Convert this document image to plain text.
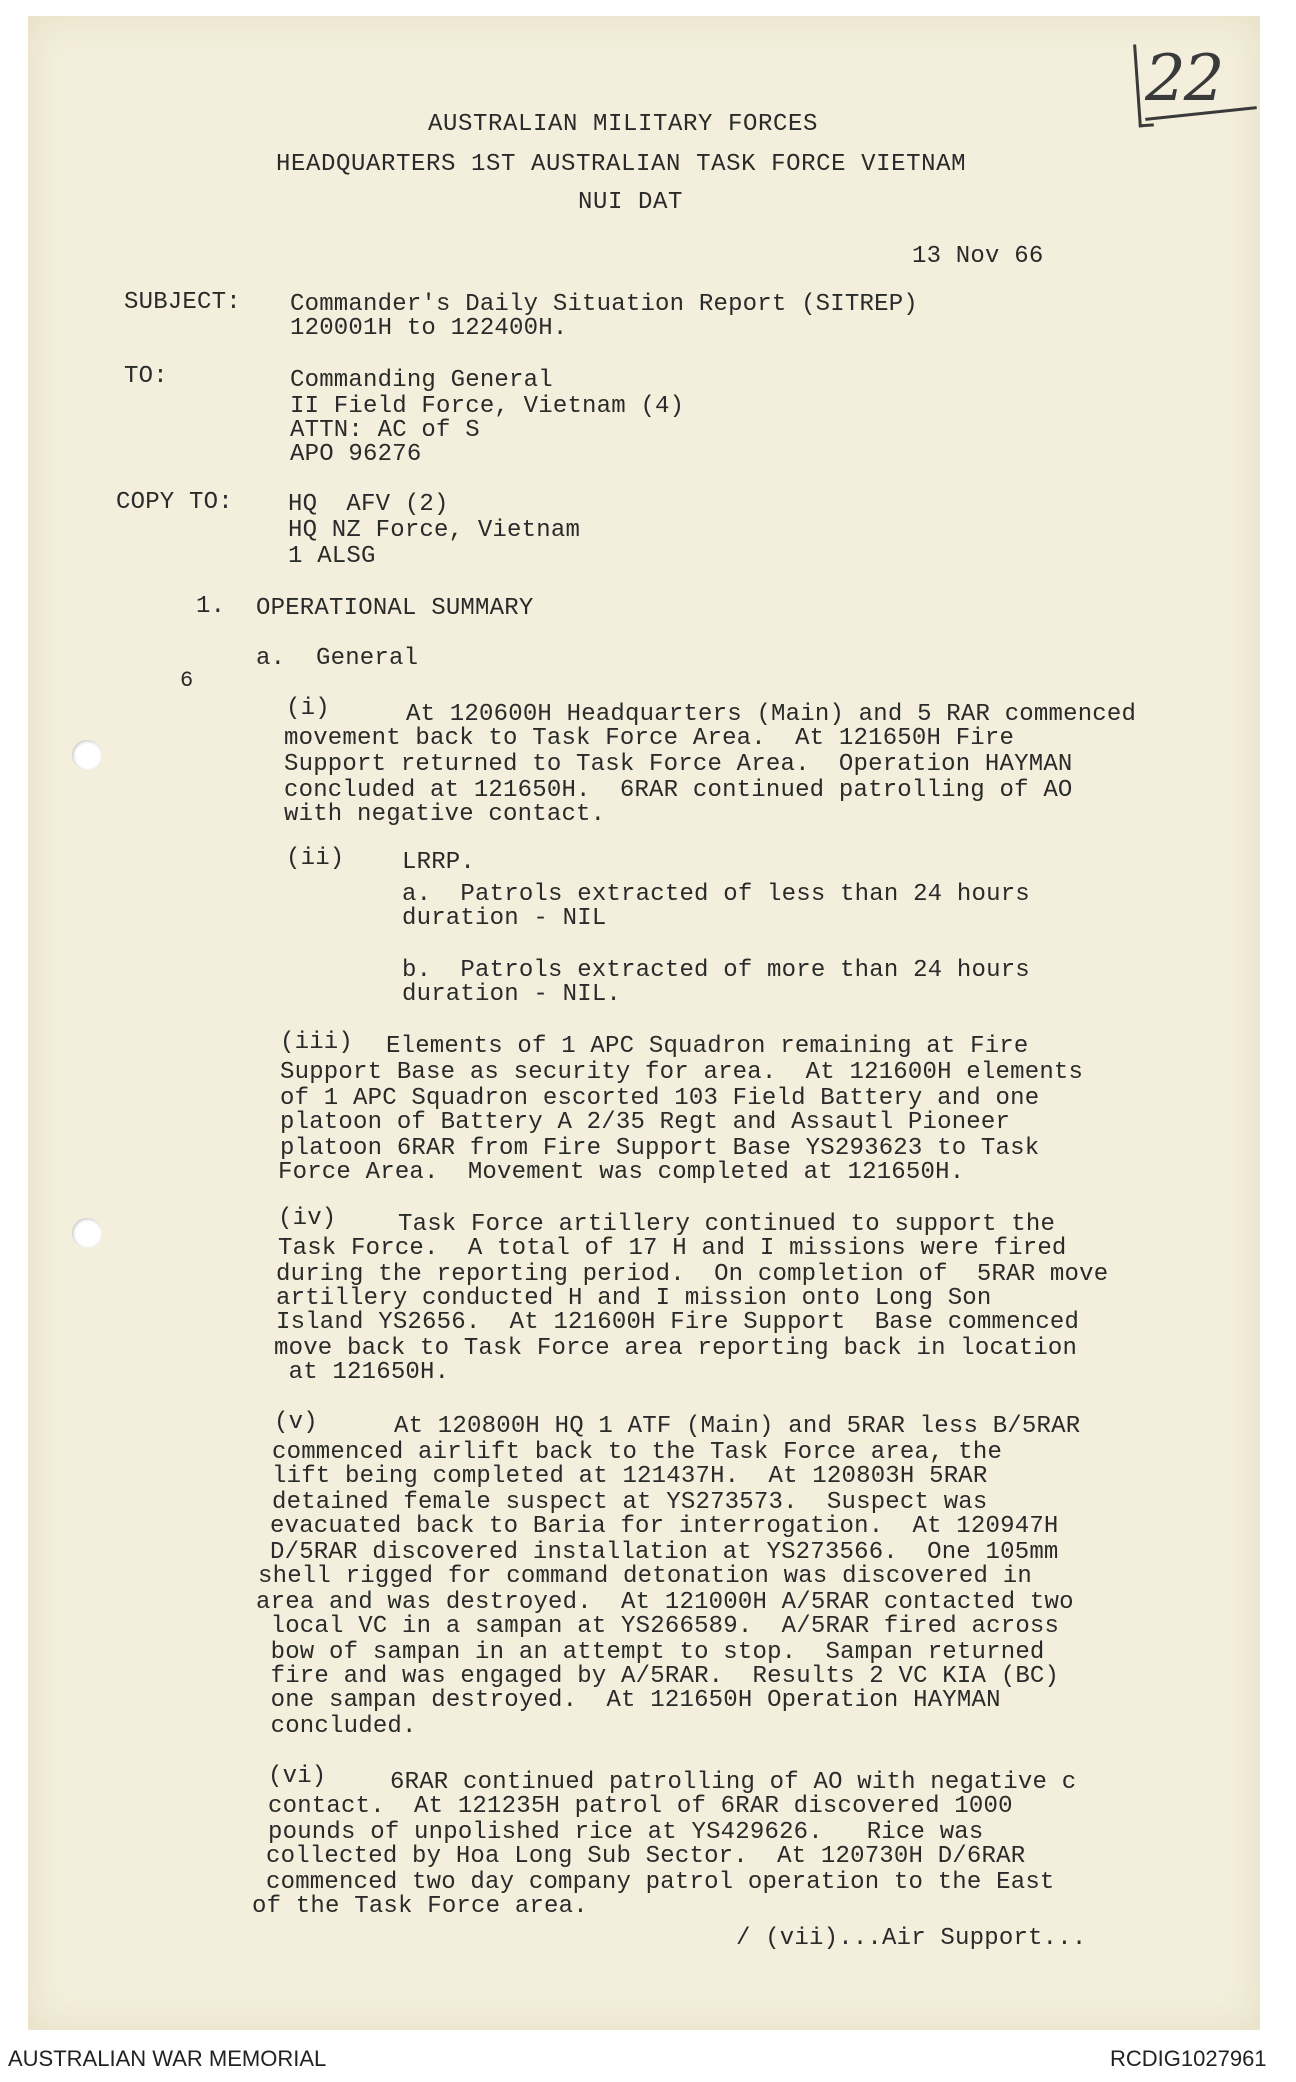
22
AUSTRALIAN MILITARY FORCES
HEADQUARTERS 1ST AUSTRALIAN TASK FORCE VIETNAM
NUI DAT
13 Nov 66
SUBJECT: Commander's Daily Situation Report (SITREP)
120001H to 122400H.
TO:	Commanding General
II Field Force, Vietnam (4)
ATTN: AC of S
APO 96276
COPY TO: HQ  AFV (2)
HQ NZ Force, Vietnam
1 ALSG
1. OPERATIONAL SUMMARY
a. General
6
(i)	At 120600H Headquarters (Main) and 5 RAR commenced
movement back to Task Force Area.  At 121650H Fire
Support returned to Task Force Area.  Operation HAYMAN
concluded at 121650H.  6RAR continued patrolling of AO
with negative contact.
(ii) LRRP.
a.  Patrols extracted of less than 24 hours
duration - NIL
b.  Patrols extracted of more than 24 hours
duration - NIL.
(iii) Elements of 1 APC Squadron remaining at Fire
Support Base as security for area.  At 121600H elements
of 1 APC Squadron escorted 103 Field Battery and one
platoon of Battery A 2/35 Regt and Assautl Pioneer
platoon 6RAR from Fire Support Base YS293623 to Task
Force Area.  Movement was completed at 121650H.
(iv)	Task Force artillery continued to support the
Task Force.  A total of 17 H and I missions were fired
during the reporting period.  On completion of  5RAR move
artillery conducted H and I mission onto Long Son
Island YS2656.  At 121600H Fire Support  Base commenced
move back to Task Force area reporting back in location
at 121650H.
(v)	At 120800H HQ 1 ATF (Main) and 5RAR less B/5RAR
commenced airlift back to the Task Force area, the
lift being completed at 121437H.  At 120803H 5RAR
detained female suspect at YS273573.  Suspect was
evacuated back to Baria for interrogation.  At 120947H
D/5RAR discovered installation at YS273566.  One 105mm
shell rigged for command detonation was discovered in
area and was destroyed.  At 121000H A/5RAR contacted two
local VC in a sampan at YS266589.  A/5RAR fired across
bow of sampan in an attempt to stop.  Sampan returned
fire and was engaged by A/5RAR.  Results 2 VC KIA (BC)
one sampan destroyed.  At 121650H Operation HAYMAN
concluded.
(vi)	6RAR continued patrolling of AO with negative c
contact.  At 121235H patrol of 6RAR discovered 1000
pounds of unpolished rice at YS429626.   Rice was
collected by Hoa Long Sub Sector.  At 120730H D/6RAR
commenced two day company patrol operation to the East
of the Task Force area.
/ (vii)...Air Support...
AUSTRALIAN WAR MEMORIAL	RCDIG1027961
